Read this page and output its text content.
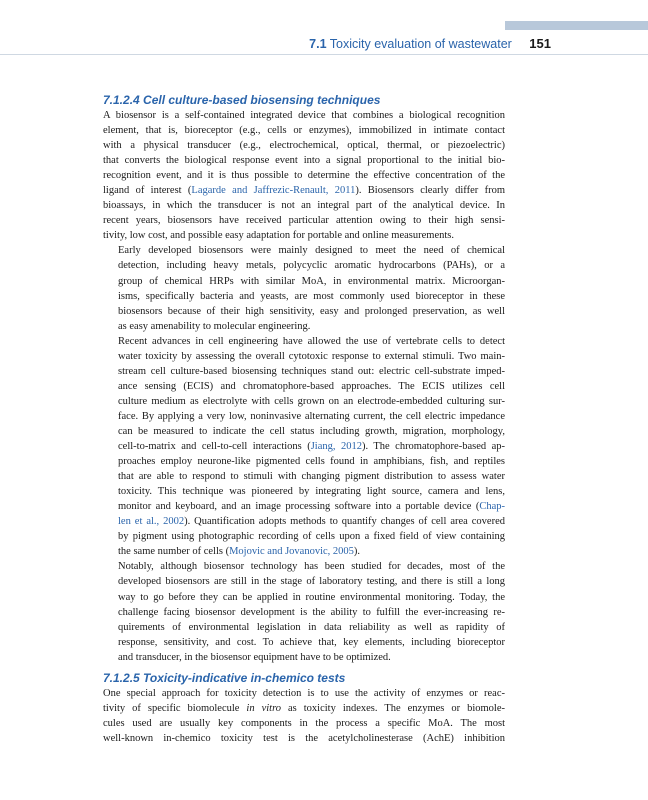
7.1 Toxicity evaluation of wastewater 151
7.1.2.4 Cell culture-based biosensing techniques

A biosensor is a self-contained integrated device that combines a biological recognition
element, that is, bioreceptor (e.g., cells or enzymes), immobilized in intimate contact
with a physical transducer (e.g., electrochemical, optical, thermal, or piezoelectric)
that converts the biological response event into a signal proportional to the initial bio-
recognition event, and it is thus possible to determine the effective concentration of the
ligand of interest (Lagarde and Jaffrezic-Renault, 2011). Biosensors clearly differ from
bioassays, in which the transducer is not an integral part of the analytical device. In
recent years, biosensors have received particular attention owing to their high sensi-
tivity, low cost, and possible easy adaptation for portable and online measurements.

Early developed biosensors were mainly designed to meet the need of chemical
detection, including heavy metals, polycyclic aromatic hydrocarbons (PAHs), or a
group of chemical HRPs with similar MoA, in environmental matrix. Microorgan-
isms, specifically bacteria and yeasts, are most commonly used bioreceptor in these
biosensors because of their high sensitivity, easy and prolonged preservation, as well
as easy amenability to molecular engineering.

Recent advances in cell engineering have allowed the use of vertebrate cells to detect
water toxicity by assessing the overall cytotoxic response to external stimuli. Two main-
stream cell culture-based biosensing techniques stand out: electric cell-substrate imped-
ance sensing (ECIS) and chromatophore-based approaches. The ECIS utilizes cell
culture medium as electrolyte with cells grown on an electrode-embedded culturing sur-
face. By applying a very low, noninvasive alternating current, the cell electric impedance
can be measured to indicate the cell status including growth, migration, morphology,
cell-to-matrix and cell-to-cell interactions (Jiang, 2012). The chromatophore-based ap-
proaches employ neurone-like pigmented cells found in amphibians, fish, and reptiles
that are able to respond to stimuli with changing pigment distribution to assess water
toxicity. This technique was pioneered by integrating light source, camera and lens,
monitor and keyboard, and an image processing software into a portable device (Chap-
len et al., 2002). Quantification adopts methods to quantify changes of cell area covered
by pigment using photographic recording of cells upon a fixed field of view containing
the same number of cells (Mojovic and Jovanovic, 2005).

Notably, although biosensor technology has been studied for decades, most of the
developed biosensors are still in the stage of laboratory testing, and there is still a long
way to go before they can be applied in routine environmental monitoring. Today, the
challenge facing biosensor development is the ability to fulfill the ever-increasing re-
quirements of environmental legislation in data reliability as well as rapidity of
response, sensitivity, and cost. To achieve that, key elements, including bioreceptor
and transducer, in the biosensor equipment have to be optimized.

7.1.2.5 Toxicity-indicative in-chemico tests

One special approach for toxicity detection is to use the activity of enzymes or reac-
tivity of specific biomolecule in vitro as toxicity indexes. The enzymes or biomole-
cules used are usually key components in the process a specific MoA. The most
well-known in-chemico toxicity test is the acetylcholinesterase (AchE) inhibition
